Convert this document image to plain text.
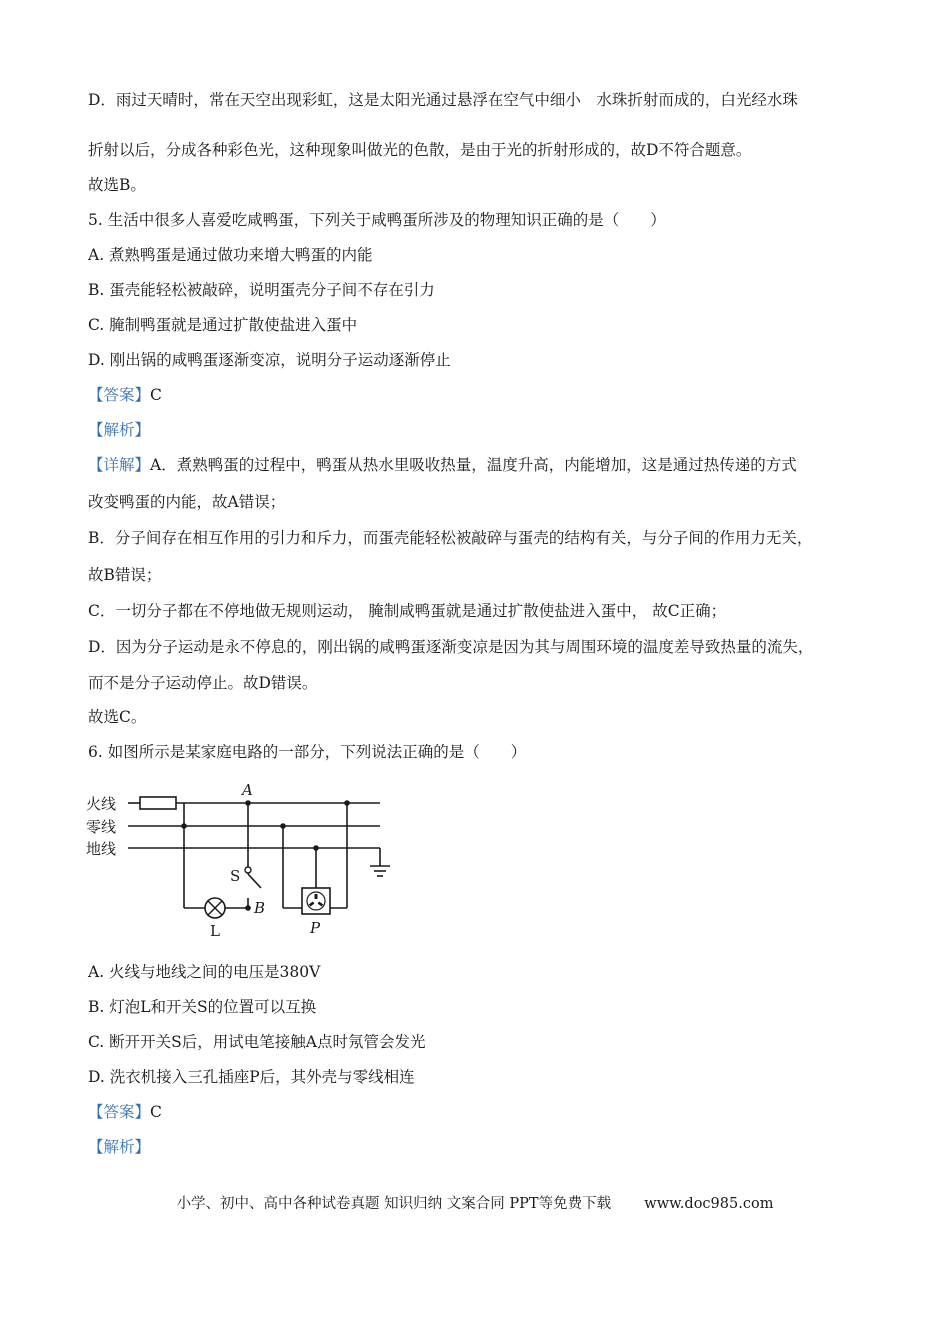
D．雨过天晴时，常在天空出现彩虹，这是太阳光通过悬浮在空气中细小　水珠折射而成的，白光经水珠
折射以后，分成各种彩色光，这种现象叫做光的色散，是由于光的折射形成的，故D不符合题意。
故选B。
5. 生活中很多人喜爱吃咸鸭蛋，下列关于咸鸭蛋所涉及的物理知识正确的是（　　）
A. 煮熟鸭蛋是通过做功来增大鸭蛋的内能
B. 蛋壳能轻松被敲碎，说明蛋壳分子间不存在引力
C. 腌制鸭蛋就是通过扩散使盐进入蛋中
D. 刚出锅的咸鸭蛋逐渐变凉，说明分子运动逐渐停止
【答案】C
【解析】
【详解】A．煮熟鸭蛋的过程中，鸭蛋从热水里吸收热量，温度升高，内能增加，这是通过热传递的方式
改变鸭蛋的内能，故A错误；
B．分子间存在相互作用的引力和斥力，而蛋壳能轻松被敲碎与蛋壳的结构有关，与分子间的作用力无关，
故B错误；
C．一切分子都在不停地做无规则运动， 腌制咸鸭蛋就是通过扩散使盐进入蛋中， 故C正确；
D．因为分子运动是永不停息的，刚出锅的咸鸭蛋逐渐变凉是因为其与周围环境的温度差导致热量的流失，
而不是分子运动停止。故D错误。
故选C。
6. 如图所示是某家庭电路的一部分，下列说法正确的是（　　）
火线
零线
地线
A
S
B
L	P
A. 火线与地线之间的电压是380V
B. 灯泡L和开关S的位置可以互换
C. 断开开关S后，用试电笔接触A点时氖管会发光
D. 洗衣机接入三孔插座P后，其外壳与零线相连
【答案】C
【解析】
小学、初中、高中各种试卷真题 知识归纳 文案合同 PPT等免费下载 www.doc985.com
